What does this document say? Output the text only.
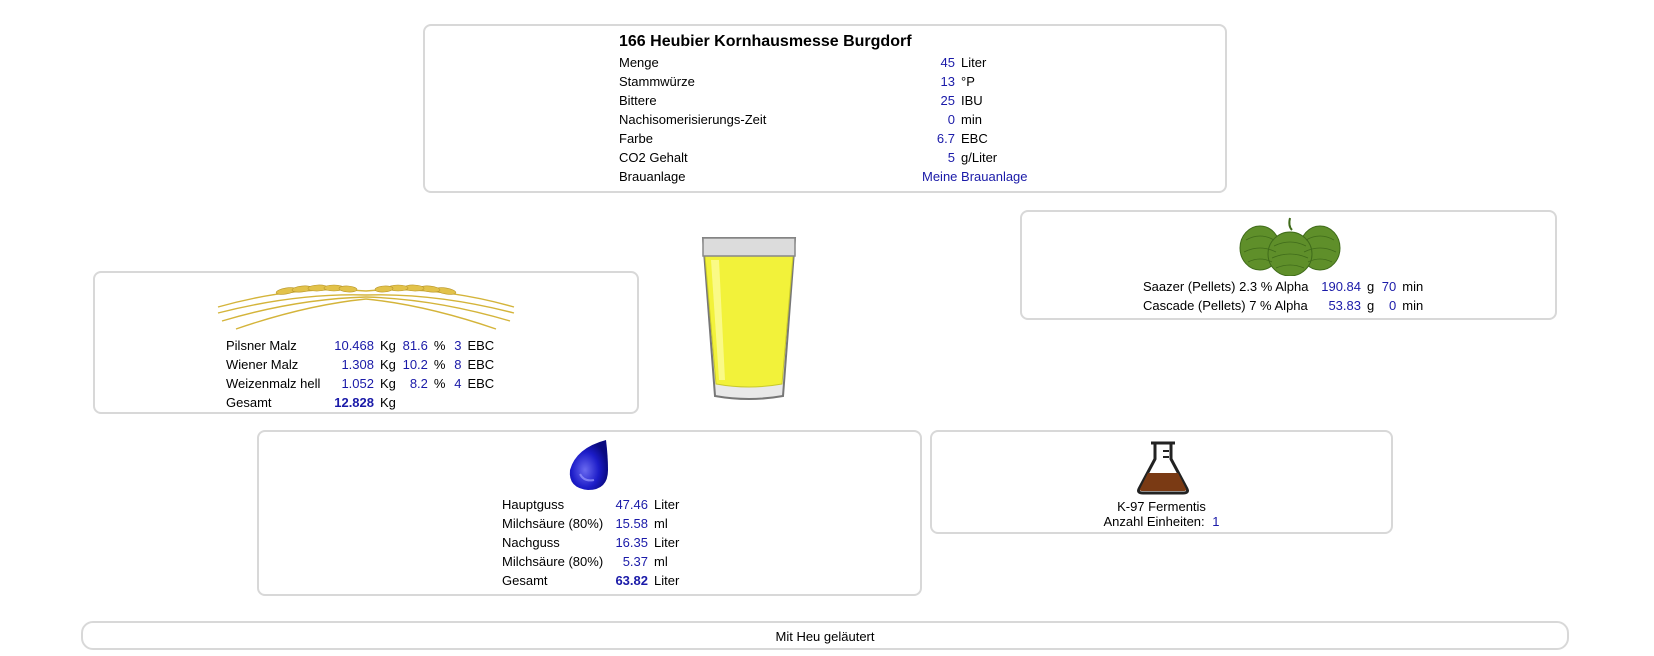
166 Heubier Kornhausmesse Burgdorf
Menge	45	Liter
Stammwürze	13	°P
Bittere	25	IBU
Nachisomerisierungs-Zeit	0	min
Farbe	6.7	EBC
CO2 Gehalt	5	g/Liter
Brauanlage	Meine Brauanlage	
Pilsner Malz	10.468	Kg	81.6	%	3	EBC
Wiener Malz	1.308	Kg	10.2	%	8	EBC
Weizenmalz hell	1.052	Kg	8.2	%	4	EBC
Gesamt	12.828	Kg				
Saazer (Pellets) 2.3 % Alpha	190.84	g	70	min
Cascade (Pellets) 7 % Alpha	53.83	g	0	min
Hauptguss	47.46	Liter
Milchsäure (80%)	15.58	ml
Nachguss	16.35	Liter
Milchsäure (80%)	5.37	ml
Gesamt	63.82	Liter
K-97 Fermentis
Anzahl Einheiten: 1
Mit Heu geläutert
